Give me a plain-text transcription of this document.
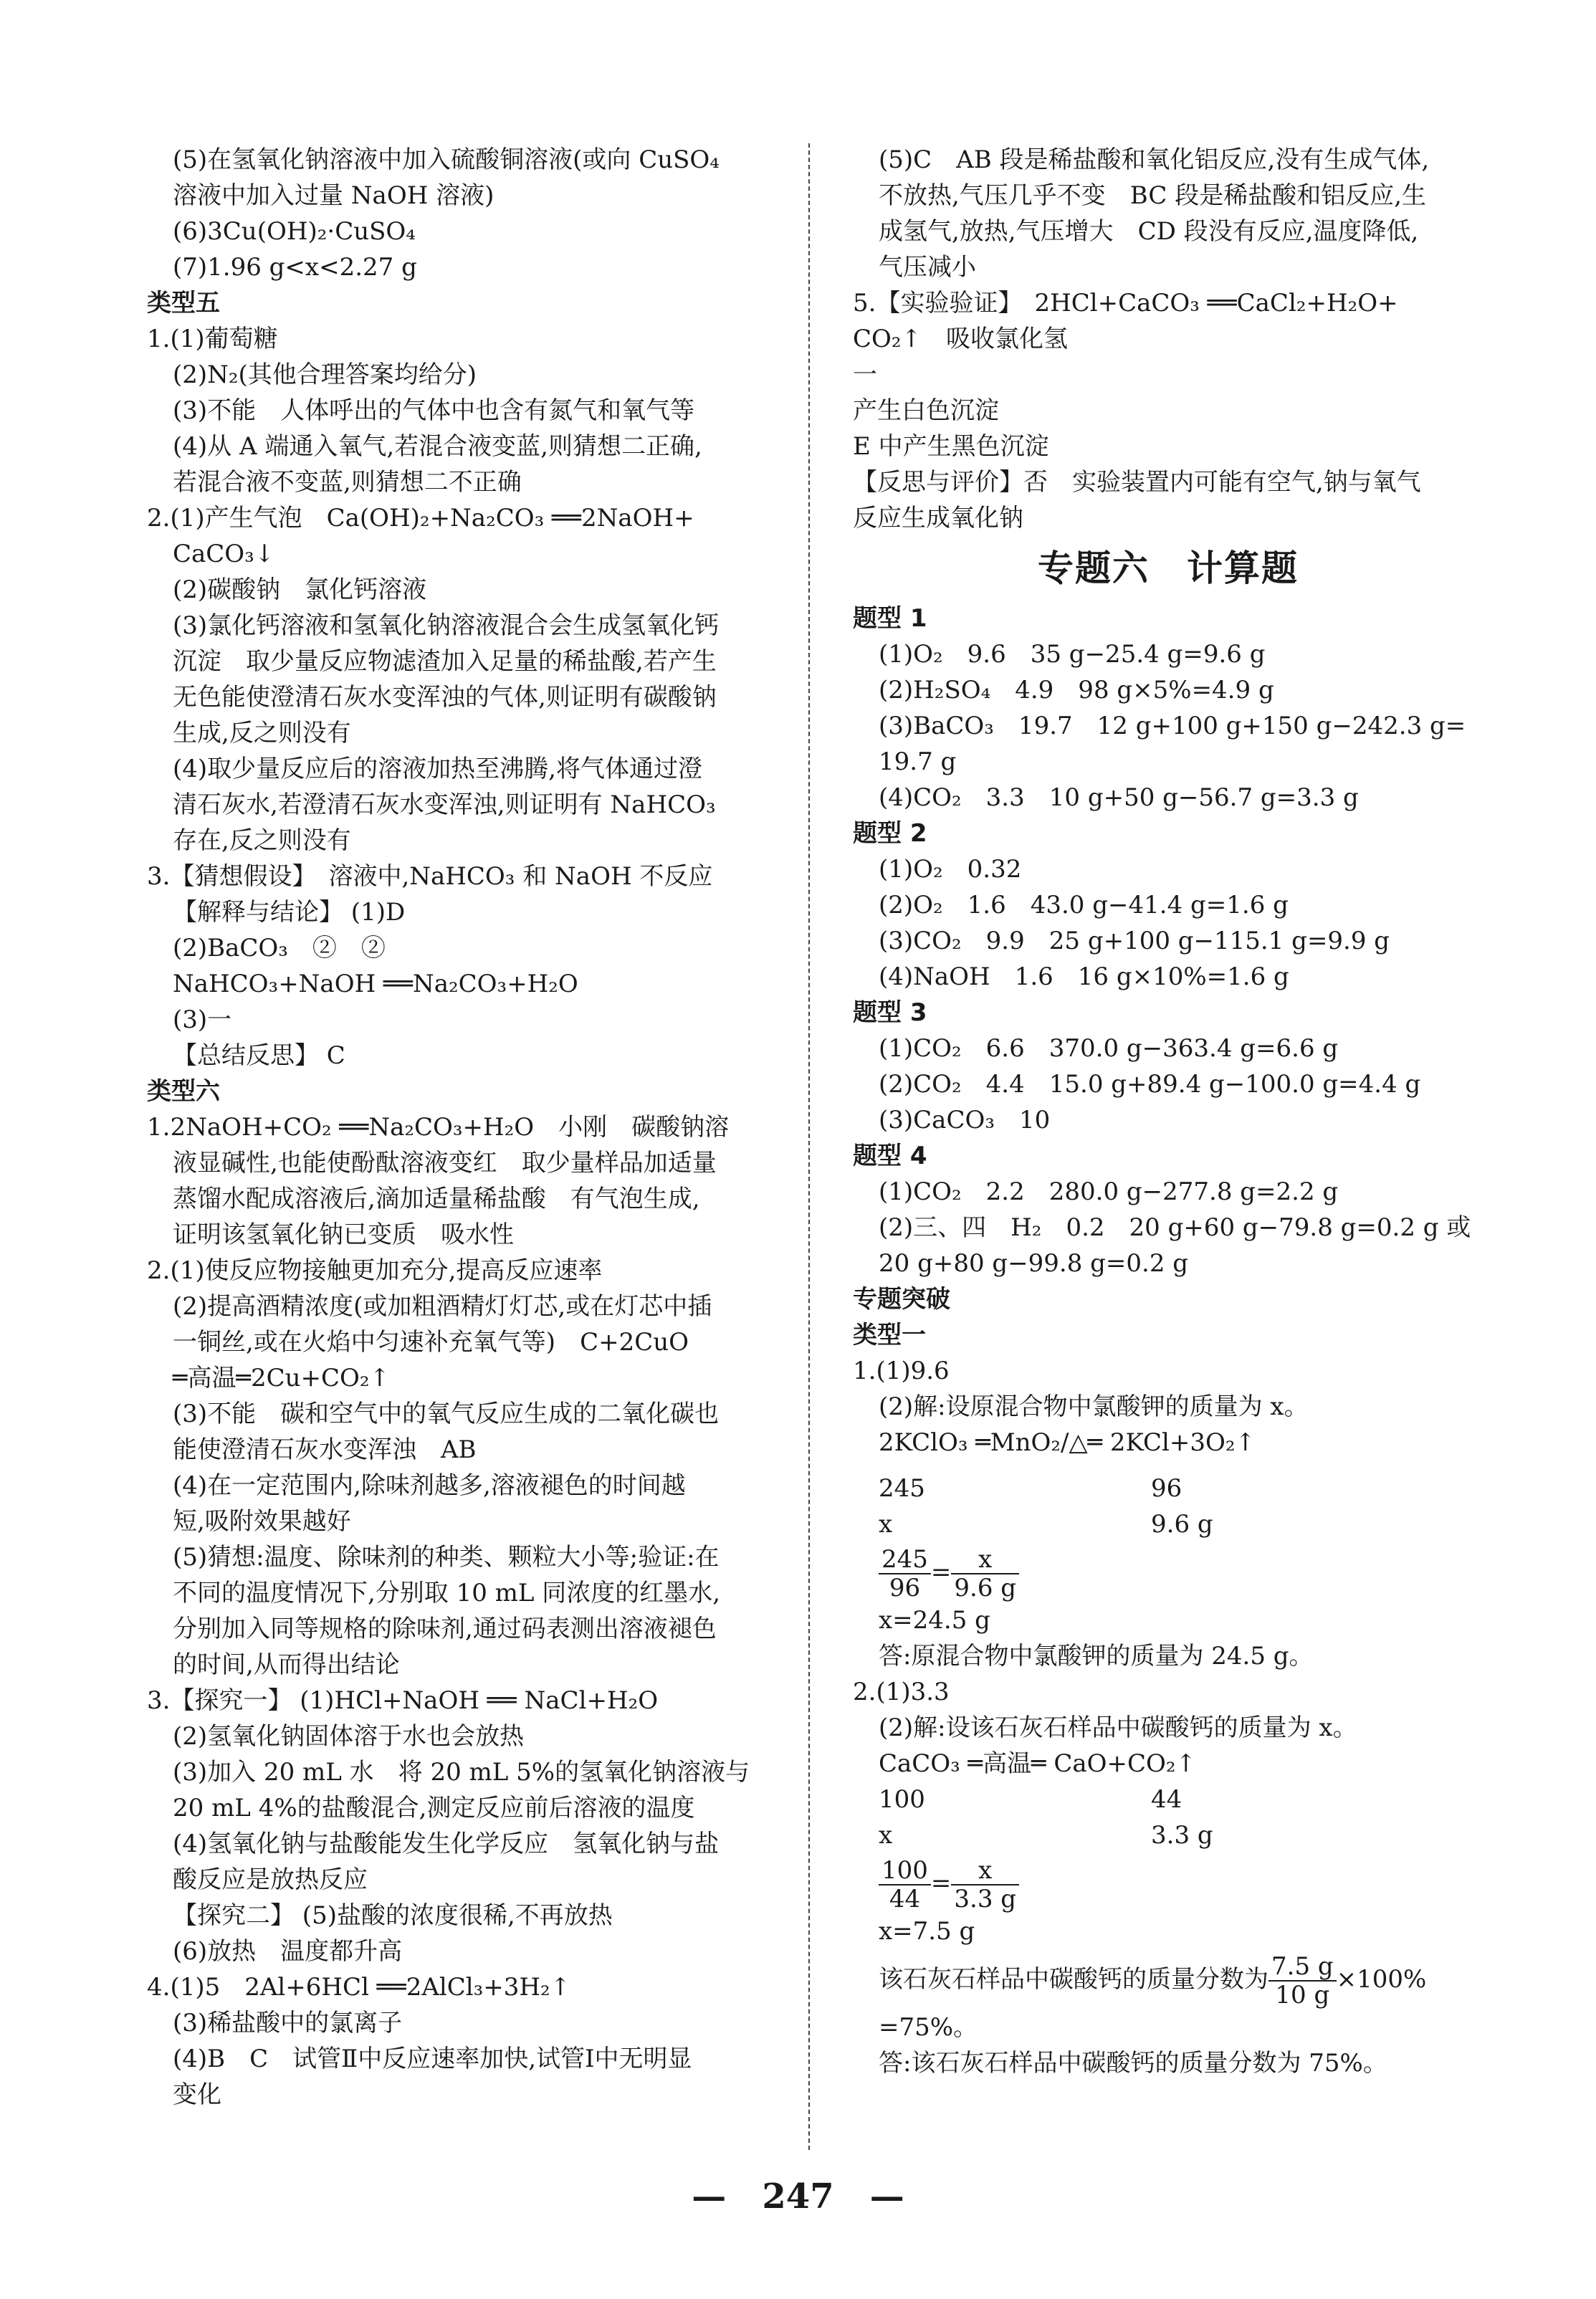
(5)在氢氧化钠溶液中加入硫酸铜溶液(或向 CuSO₄
溶液中加入过量 NaOH 溶液)
(6)3Cu(OH)₂·CuSO₄
(7)1.96 g<x<2.27 g
类型五
1.(1)葡萄糖
(2)N₂(其他合理答案均给分)
(3)不能　人体呼出的气体中也含有氮气和氧气等
(4)从 A 端通入氧气,若混合液变蓝,则猜想二正确,
若混合液不变蓝,则猜想二不正确
2.(1)产生气泡　Ca(OH)₂+Na₂CO₃ ══2NaOH+
CaCO₃↓
(2)碳酸钠　氯化钙溶液
(3)氯化钙溶液和氢氧化钠溶液混合会生成氢氧化钙
沉淀　取少量反应物滤渣加入足量的稀盐酸,若产生
无色能使澄清石灰水变浑浊的气体,则证明有碳酸钠
生成,反之则没有
(4)取少量反应后的溶液加热至沸腾,将气体通过澄
清石灰水,若澄清石灰水变浑浊,则证明有 NaHCO₃
存在,反之则没有
3.【猜想假设】　溶液中,NaHCO₃ 和 NaOH 不反应
【解释与结论】 (1)D
(2)BaCO₃　②　②
NaHCO₃+NaOH ══Na₂CO₃+H₂O
(3)一
【总结反思】 C
类型六
1.2NaOH+CO₂ ══Na₂CO₃+H₂O　小刚　碳酸钠溶
液显碱性,也能使酚酞溶液变红　取少量样品加适量
蒸馏水配成溶液后,滴加适量稀盐酸　有气泡生成,
证明该氢氧化钠已变质　吸水性
2.(1)使反应物接触更加充分,提高反应速率
(2)提高酒精浓度(或加粗酒精灯灯芯,或在灯芯中插
一铜丝,或在火焰中匀速补充氧气等)　C+2CuO
═高温═2Cu+CO₂↑
(3)不能　碳和空气中的氧气反应生成的二氧化碳也
能使澄清石灰水变浑浊　AB
(4)在一定范围内,除味剂越多,溶液褪色的时间越
短,吸附效果越好
(5)猜想:温度、除味剂的种类、颗粒大小等;验证:在
不同的温度情况下,分别取 10 mL 同浓度的红墨水,
分别加入同等规格的除味剂,通过码表测出溶液褪色
的时间,从而得出结论
3.【探究一】 (1)HCl+NaOH ══ NaCl+H₂O
(2)氢氧化钠固体溶于水也会放热
(3)加入 20 mL 水　将 20 mL 5%的氢氧化钠溶液与
20 mL 4%的盐酸混合,测定反应前后溶液的温度
(4)氢氧化钠与盐酸能发生化学反应　氢氧化钠与盐
酸反应是放热反应
【探究二】 (5)盐酸的浓度很稀,不再放热
(6)放热　温度都升高
4.(1)5　2Al+6HCl ══2AlCl₃+3H₂↑
(3)稀盐酸中的氯离子
(4)B　C　试管Ⅱ中反应速率加快,试管Ⅰ中无明显
变化
(5)C　AB 段是稀盐酸和氧化铝反应,没有生成气体,
不放热,气压几乎不变　BC 段是稀盐酸和铝反应,生
成氢气,放热,气压增大　CD 段没有反应,温度降低,
气压减小
5.【实验验证】　2HCl+CaCO₃ ══CaCl₂+H₂O+
CO₂↑　吸收氯化氢
一
产生白色沉淀
E 中产生黑色沉淀
【反思与评价】否　实验装置内可能有空气,钠与氧气
反应生成氧化钠
专题六　计算题
题型 1
(1)O₂　9.6　35 g−25.4 g=9.6 g
(2)H₂SO₄　4.9　98 g×5%=4.9 g
(3)BaCO₃　19.7　12 g+100 g+150 g−242.3 g=
19.7 g
(4)CO₂　3.3　10 g+50 g−56.7 g=3.3 g
题型 2
(1)O₂　0.32
(2)O₂　1.6　43.0 g−41.4 g=1.6 g
(3)CO₂　9.9　25 g+100 g−115.1 g=9.9 g
(4)NaOH　1.6　16 g×10%=1.6 g
题型 3
(1)CO₂　6.6　370.0 g−363.4 g=6.6 g
(2)CO₂　4.4　15.0 g+89.4 g−100.0 g=4.4 g
(3)CaCO₃　10
题型 4
(1)CO₂　2.2　280.0 g−277.8 g=2.2 g
(2)三、四　H₂　0.2　20 g+60 g−79.8 g=0.2 g 或
20 g+80 g−99.8 g=0.2 g
专题突破
类型一
1.(1)9.6
(2)解:设原混合物中氯酸钾的质量为 x。
2KClO₃ ═MnO₂/△═ 2KCl+3O₂↑
245	96
x	9.6 g
$\frac{245}{96} = \frac{x}{9.6 g}$
x=24.5 g
答:原混合物中氯酸钾的质量为 24.5 g。
2.(1)3.3
(2)解:设该石灰石样品中碳酸钙的质量为 x。
CaCO₃ ═高温═ CaO+CO₂↑
100	44
x	3.3 g
$\frac{100}{44} = \frac{x}{3.3 g}$
x=7.5 g
该石灰石样品中碳酸钙的质量分数为 $\frac{7.5 g}{10 g} \times 100\%$
=75%。
答:该石灰石样品中碳酸钙的质量分数为 75%。
— 247 —
